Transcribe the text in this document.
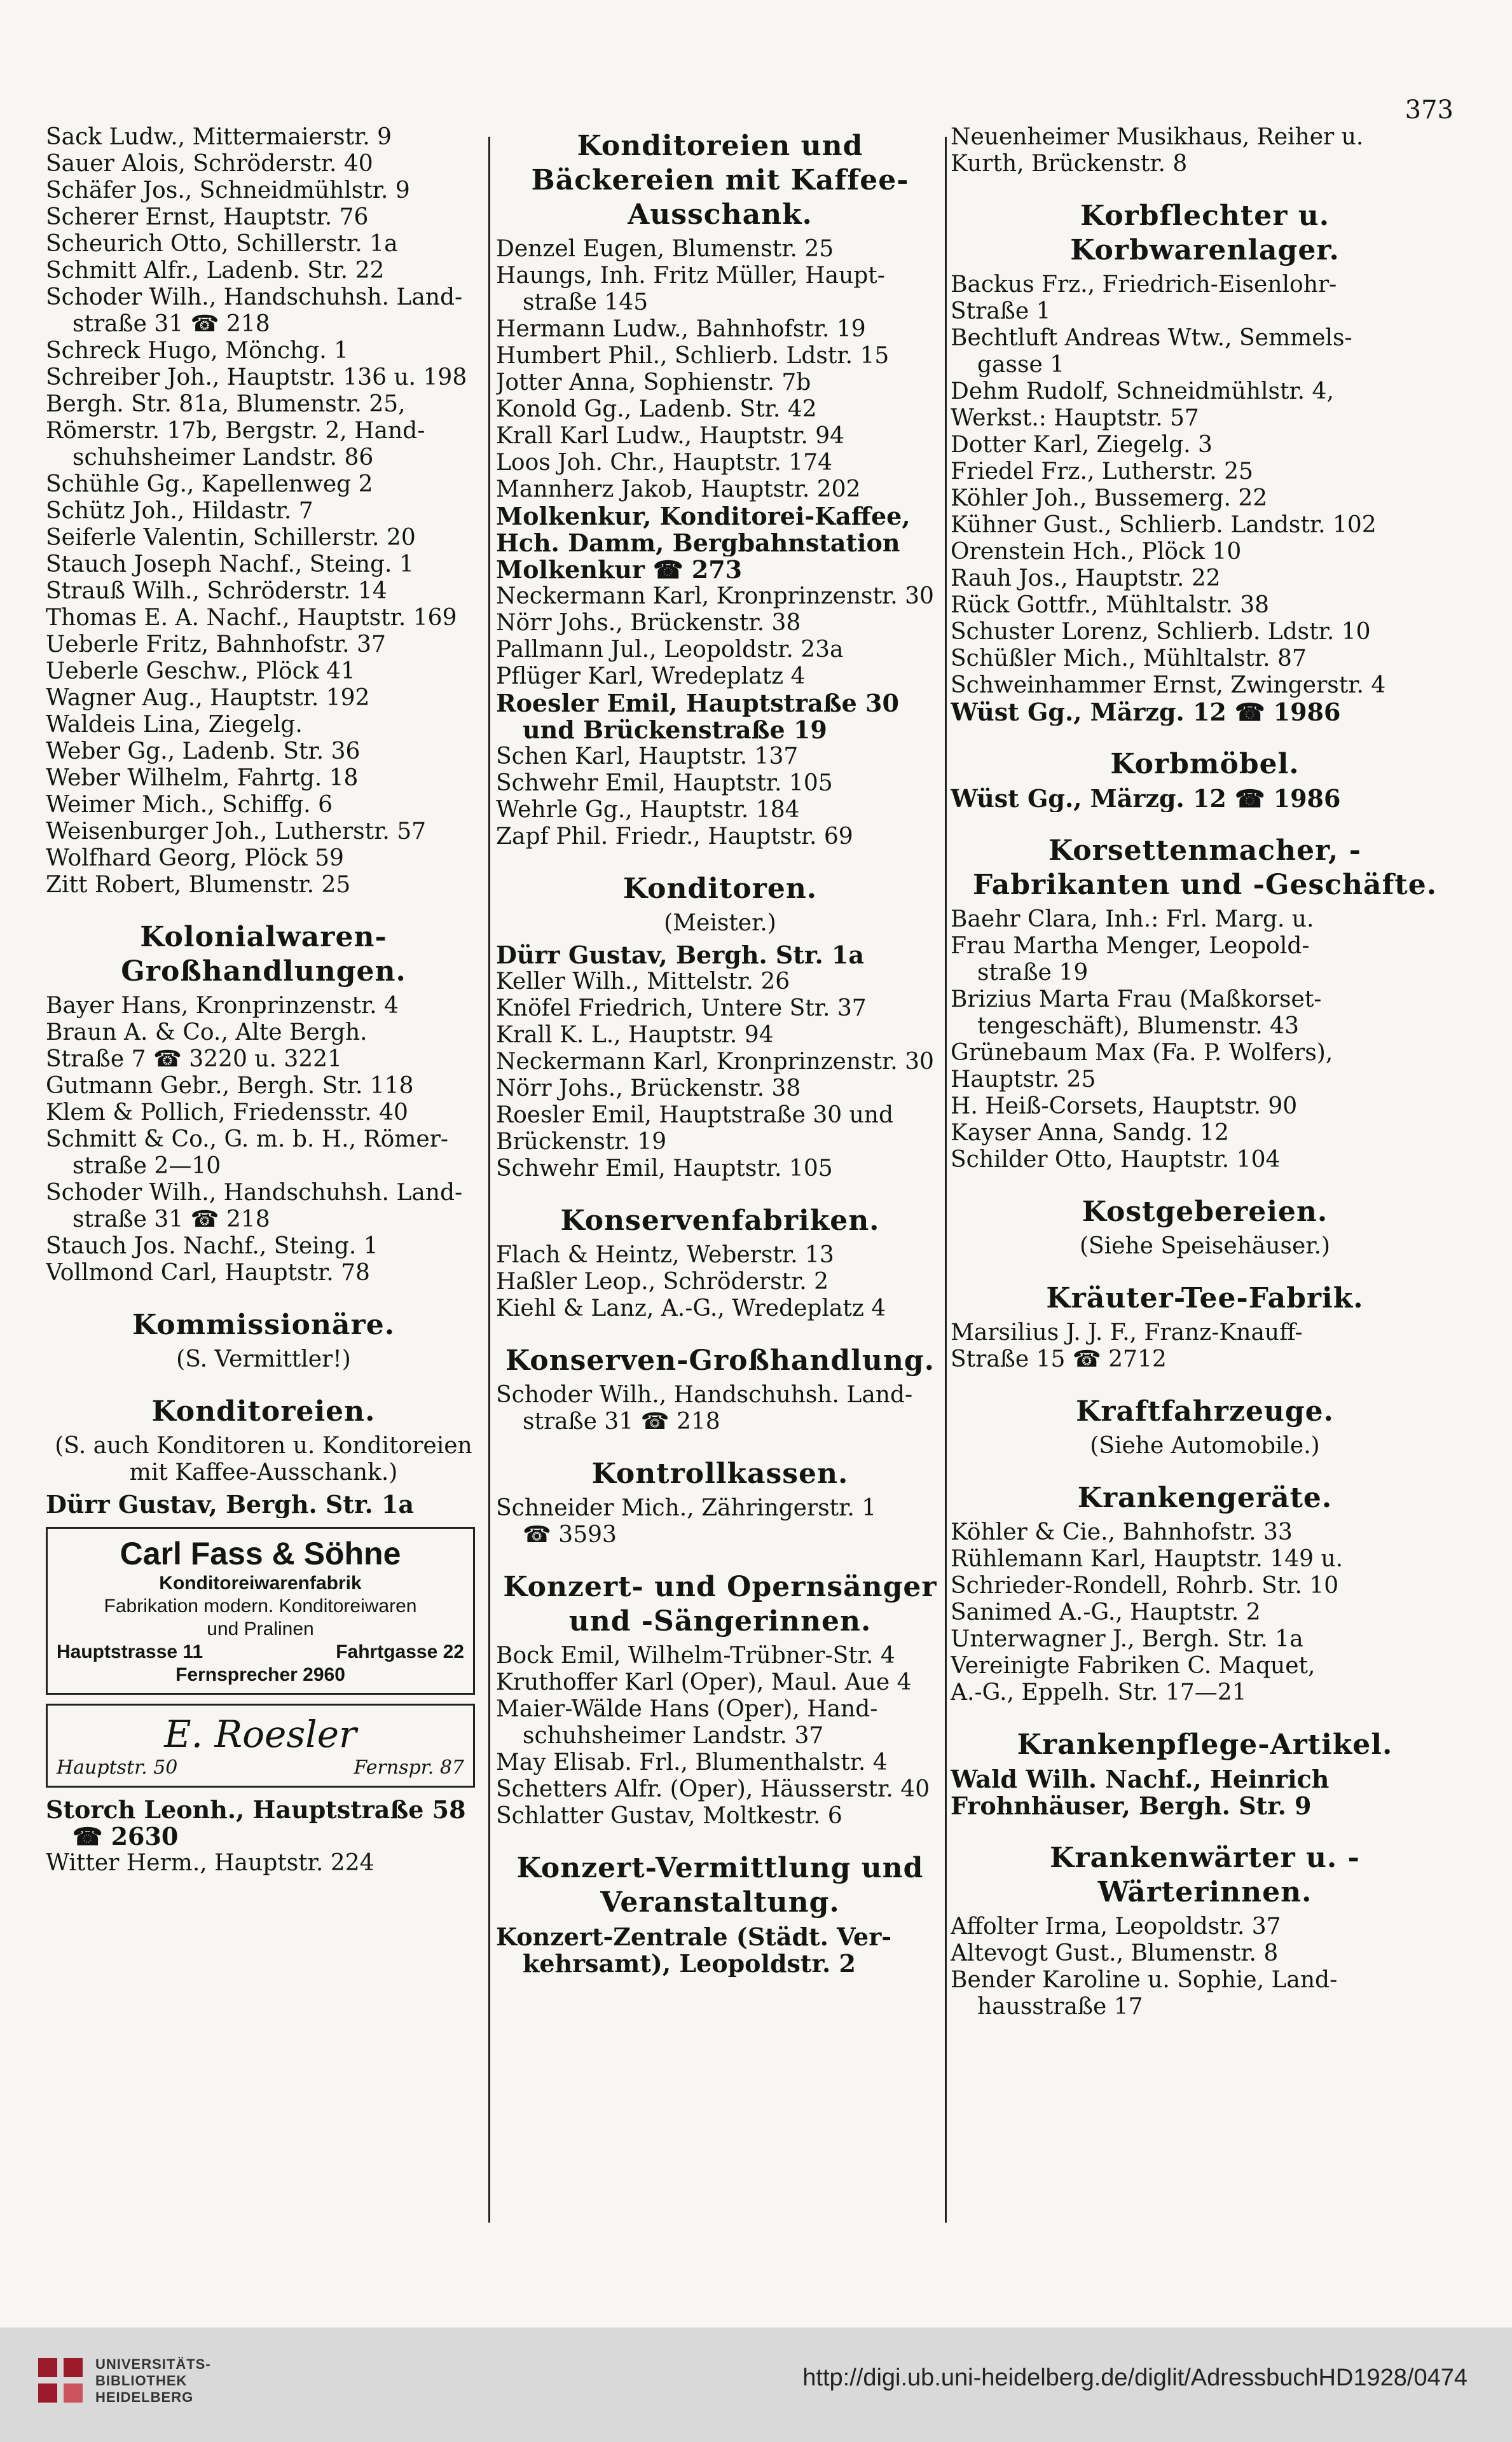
373
Sack Ludw., Mittermaierstr. 9
Sauer Alois, Schröderstr. 40
Schäfer Jos., Schneidmühlstr. 9
Scherer Ernst, Hauptstr. 76
Scheurich Otto, Schillerstr. 1a
Schmitt Alfr., Ladenb. Str. 22
Schoder Wilh., Handschuhsh. Land-
straße 31 ☎ 218
Schreck Hugo, Mönchg. 1
Schreiber Joh., Hauptstr. 136 u. 198
Bergh. Str. 81a, Blumenstr. 25,
Römerstr. 17b, Bergstr. 2, Hand-
schuhsheimer Landstr. 86
Schühle Gg., Kapellenweg 2
Schütz Joh., Hildastr. 7
Seiferle Valentin, Schillerstr. 20
Stauch Joseph Nachf., Steing. 1
Strauß Wilh., Schröderstr. 14
Thomas E. A. Nachf., Hauptstr. 169
Ueberle Fritz, Bahnhofstr. 37
Ueberle Geschw., Plöck 41
Wagner Aug., Hauptstr. 192
Waldeis Lina, Ziegelg.
Weber Gg., Ladenb. Str. 36
Weber Wilhelm, Fahrtg. 18
Weimer Mich., Schiffg. 6
Weisenburger Joh., Lutherstr. 57
Wolfhard Georg, Plöck 59
Zitt Robert, Blumenstr. 25
Kolonialwaren-Großhandlungen.
Bayer Hans, Kronprinzenstr. 4
Braun A. & Co., Alte Bergh.
Straße 7 ☎ 3220 u. 3221
Gutmann Gebr., Bergh. Str. 118
Klem & Pollich, Friedensstr. 40
Schmitt & Co., G. m. b. H., Römer-
straße 2—10
Schoder Wilh., Handschuhsh. Land-
straße 31 ☎ 218
Stauch Jos. Nachf., Steing. 1
Vollmond Carl, Hauptstr. 78
Kommissionäre.
(S. Vermittler!)
Konditoreien.
(S. auch Konditoren u. Konditoreien mit Kaffee-Ausschank.)
Dürr Gustav, Bergh. Str. 1a
Carl Fass & Söhne
Konditoreiwarenfabrik
Fabrikation modern. Konditoreiwaren
und Pralinen
Hauptstrasse 11	Fahrtgasse 22
Fernsprecher 2960
E. Roesler
Hauptstr. 50	Fernspr. 87
Storch Leonh., Hauptstraße 58
☎ 2630
Witter Herm., Hauptstr. 224
Konditoreien und Bäckereien mit Kaffee-Ausschank.
Denzel Eugen, Blumenstr. 25
Haungs, Inh. Fritz Müller, Haupt-
straße 145
Hermann Ludw., Bahnhofstr. 19
Humbert Phil., Schlierb. Ldstr. 15
Jotter Anna, Sophienstr. 7b
Konold Gg., Ladenb. Str. 42
Krall Karl Ludw., Hauptstr. 94
Loos Joh. Chr., Hauptstr. 174
Mannherz Jakob, Hauptstr. 202
Molkenkur, Konditorei-Kaffee,
Hch. Damm, Bergbahnstation
Molkenkur ☎ 273
Neckermann Karl, Kronprinzenstr. 30
Nörr Johs., Brückenstr. 38
Pallmann Jul., Leopoldstr. 23a
Pflüger Karl, Wredeplatz 4
Roesler Emil, Hauptstraße 30
und Brückenstraße 19
Schen Karl, Hauptstr. 137
Schwehr Emil, Hauptstr. 105
Wehrle Gg., Hauptstr. 184
Zapf Phil. Friedr., Hauptstr. 69
Konditoren.
(Meister.)
Dürr Gustav, Bergh. Str. 1a
Keller Wilh., Mittelstr. 26
Knöfel Friedrich, Untere Str. 37
Krall K. L., Hauptstr. 94
Neckermann Karl, Kronprinzenstr. 30
Nörr Johs., Brückenstr. 38
Roesler Emil, Hauptstraße 30 und
Brückenstr. 19
Schwehr Emil, Hauptstr. 105
Konservenfabriken.
Flach & Heintz, Weberstr. 13
Haßler Leop., Schröderstr. 2
Kiehl & Lanz, A.-G., Wredeplatz 4
Konserven-Großhandlung.
Schoder Wilh., Handschuhsh. Land-
straße 31 ☎ 218
Kontrollkassen.
Schneider Mich., Zähringerstr. 1
☎ 3593
Konzert- und Opernsänger und -Sängerinnen.
Bock Emil, Wilhelm-Trübner-Str. 4
Kruthoffer Karl (Oper), Maul. Aue 4
Maier-Wälde Hans (Oper), Hand-
schuhsheimer Landstr. 37
May Elisab. Frl., Blumenthalstr. 4
Schetters Alfr. (Oper), Häusserstr. 40
Schlatter Gustav, Moltkestr. 6
Konzert-Vermittlung und Veranstaltung.
Konzert-Zentrale (Städt. Ver-
kehrsamt), Leopoldstr. 2
Neuenheimer Musikhaus, Reiher u.
Kurth, Brückenstr. 8
Korbflechter u. Korbwarenlager.
Backus Frz., Friedrich-Eisenlohr-
Straße 1
Bechtluft Andreas Wtw., Semmels-
gasse 1
Dehm Rudolf, Schneidmühlstr. 4,
Werkst.: Hauptstr. 57
Dotter Karl, Ziegelg. 3
Friedel Frz., Lutherstr. 25
Köhler Joh., Bussemerg. 22
Kühner Gust., Schlierb. Landstr. 102
Orenstein Hch., Plöck 10
Rauh Jos., Hauptstr. 22
Rück Gottfr., Mühltalstr. 38
Schuster Lorenz, Schlierb. Ldstr. 10
Schüßler Mich., Mühltalstr. 87
Schweinhammer Ernst, Zwingerstr. 4
Wüst Gg., Märzg. 12 ☎ 1986
Korbmöbel.
Wüst Gg., Märzg. 12 ☎ 1986
Korsettenmacher, -Fabrikanten und -Geschäfte.
Baehr Clara, Inh.: Frl. Marg. u.
Frau Martha Menger, Leopold-
straße 19
Brizius Marta Frau (Maßkorset-
tengeschäft), Blumenstr. 43
Grünebaum Max (Fa. P. Wolfers),
Hauptstr. 25
H. Heiß-Corsets, Hauptstr. 90
Kayser Anna, Sandg. 12
Schilder Otto, Hauptstr. 104
Kostgebereien.
(Siehe Speisehäuser.)
Kräuter-Tee-Fabrik.
Marsilius J. J. F., Franz-Knauff-
Straße 15 ☎ 2712
Kraftfahrzeuge.
(Siehe Automobile.)
Krankengeräte.
Köhler & Cie., Bahnhofstr. 33
Rühlemann Karl, Hauptstr. 149 u.
Schrieder-Rondell, Rohrb. Str. 10
Sanimed A.-G., Hauptstr. 2
Unterwagner J., Bergh. Str. 1a
Vereinigte Fabriken C. Maquet,
A.-G., Eppelh. Str. 17—21
Krankenpflege-Artikel.
Wald Wilh. Nachf., Heinrich
Frohnhäuser, Bergh. Str. 9
Krankenwärter u. -Wärterinnen.
Affolter Irma, Leopoldstr. 37
Altevogt Gust., Blumenstr. 8
Bender Karoline u. Sophie, Land-
hausstraße 17
UNIVERSITÄTS-
BIBLIOTHEK
HEIDELBERG
http://digi.ub.uni-heidelberg.de/diglit/AdressbuchHD1928/0474
